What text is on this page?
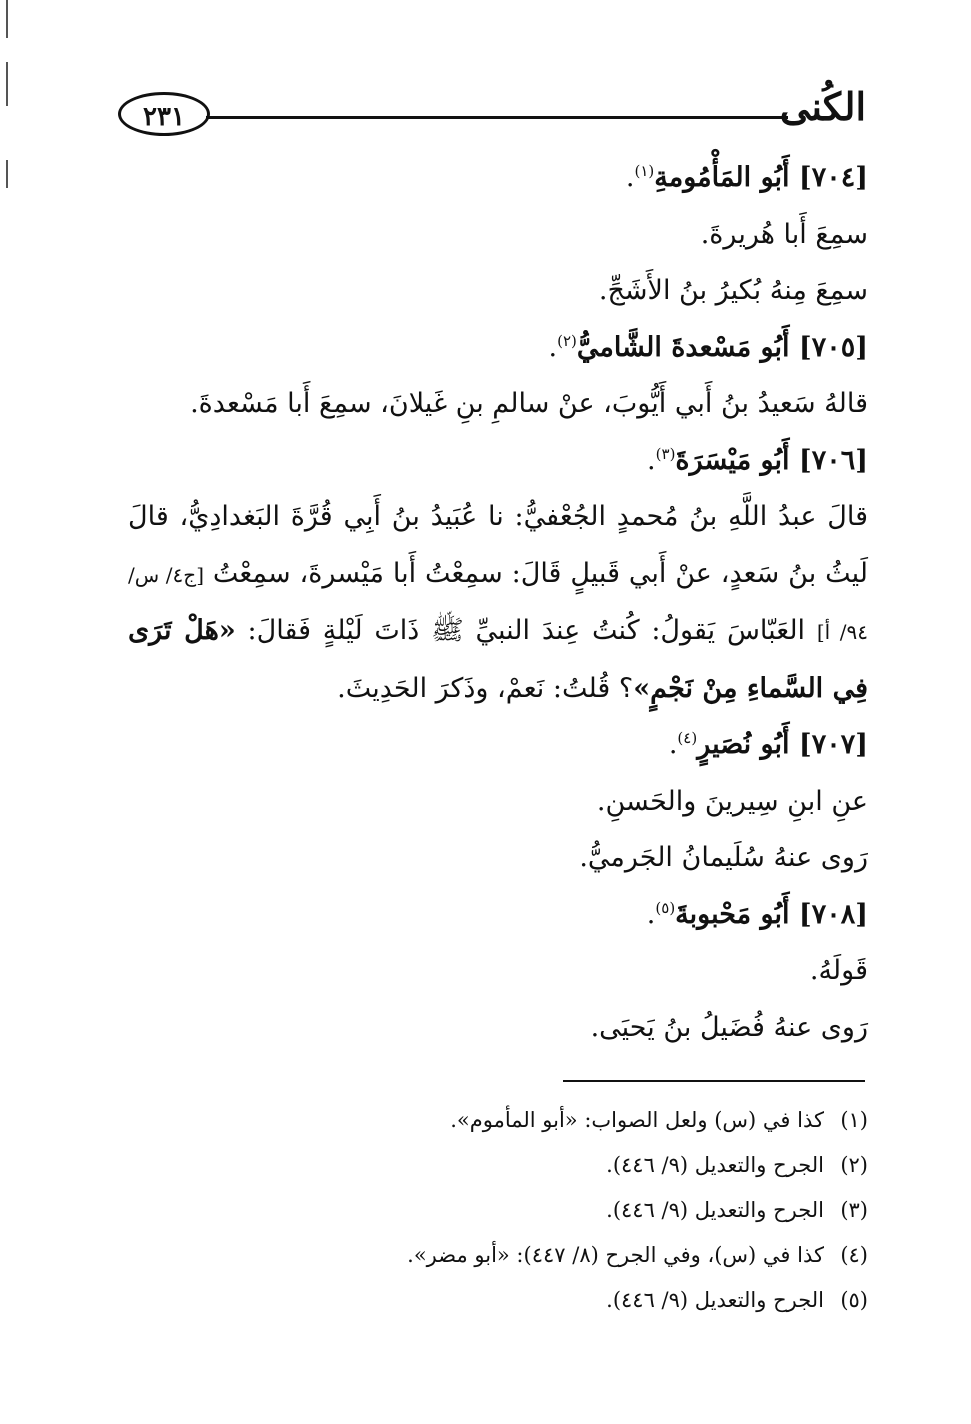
الكُنى
٢٣١

[٧٠٤] أَبُو المَأْمُومةِ$^{(١)}$.

سمِعَ أَبا هُريرةَ.

سمِعَ مِنهُ بُكيرُ بنُ الأَشَجِّ.

[٧٠٥] أَبُو مَسْعدةَ الشَّاميُّ$^{(٢)}$.

قالهُ سَعيدُ بنُ أَبي أَيُّوبَ، عنْ سالمِ بنِ غَيلانَ، سمِعَ أَبا مَسْعدةَ.

[٧٠٦] أَبُو مَيْسَرَةَ$^{(٣)}$.

قالَ عبدُ اللَّهِ بنُ مُحمدٍ الجُعْفيُّ: نا عُبَيدُ بنُ أَبِي قُرَّةَ البَغدادِيُّ، قالَ لَيثُ بنُ سَعدٍ، عنْ أَبي قَبيلٍ قَالَ: سمِعْتُ أَبا مَيْسرةَ، سمِعْتُ [ج٤/ س/ ٩٤/ أ] العَبّاسَ يَقولُ: كُنتُ عِندَ النبيِّ ﷺ ذَاتَ لَيْلةٍ فَقالَ: «هَلْ تَرَى فِي السَّماءِ مِنْ نَجْمٍ»؟ قُلتُ: نَعمْ، وذَكرَ الحَدِيثَ.

[٧٠٧] أَبُو نُصَيرٍ$^{(٤)}$.

عنِ ابنِ سِيرينَ والحَسنِ.

رَوى عنهُ سُلَيمانُ الجَرميُّ.

[٧٠٨] أَبُو مَحْبوبةَ$^{(٥)}$.

قَولَهُ.

رَوى عنهُ فُضَيلُ بنُ يَحيَى.

(١)كذا في (س) ولعل الصواب: «أبو المأموم».

(٢)الجرح والتعديل (٩/ ٤٤٦).

(٣)الجرح والتعديل (٩/ ٤٤٦).

(٤)كذا في (س)، وفي الجرح (٨/ ٤٤٧): «أبو مضر».

(٥)الجرح والتعديل (٩/ ٤٤٦).
